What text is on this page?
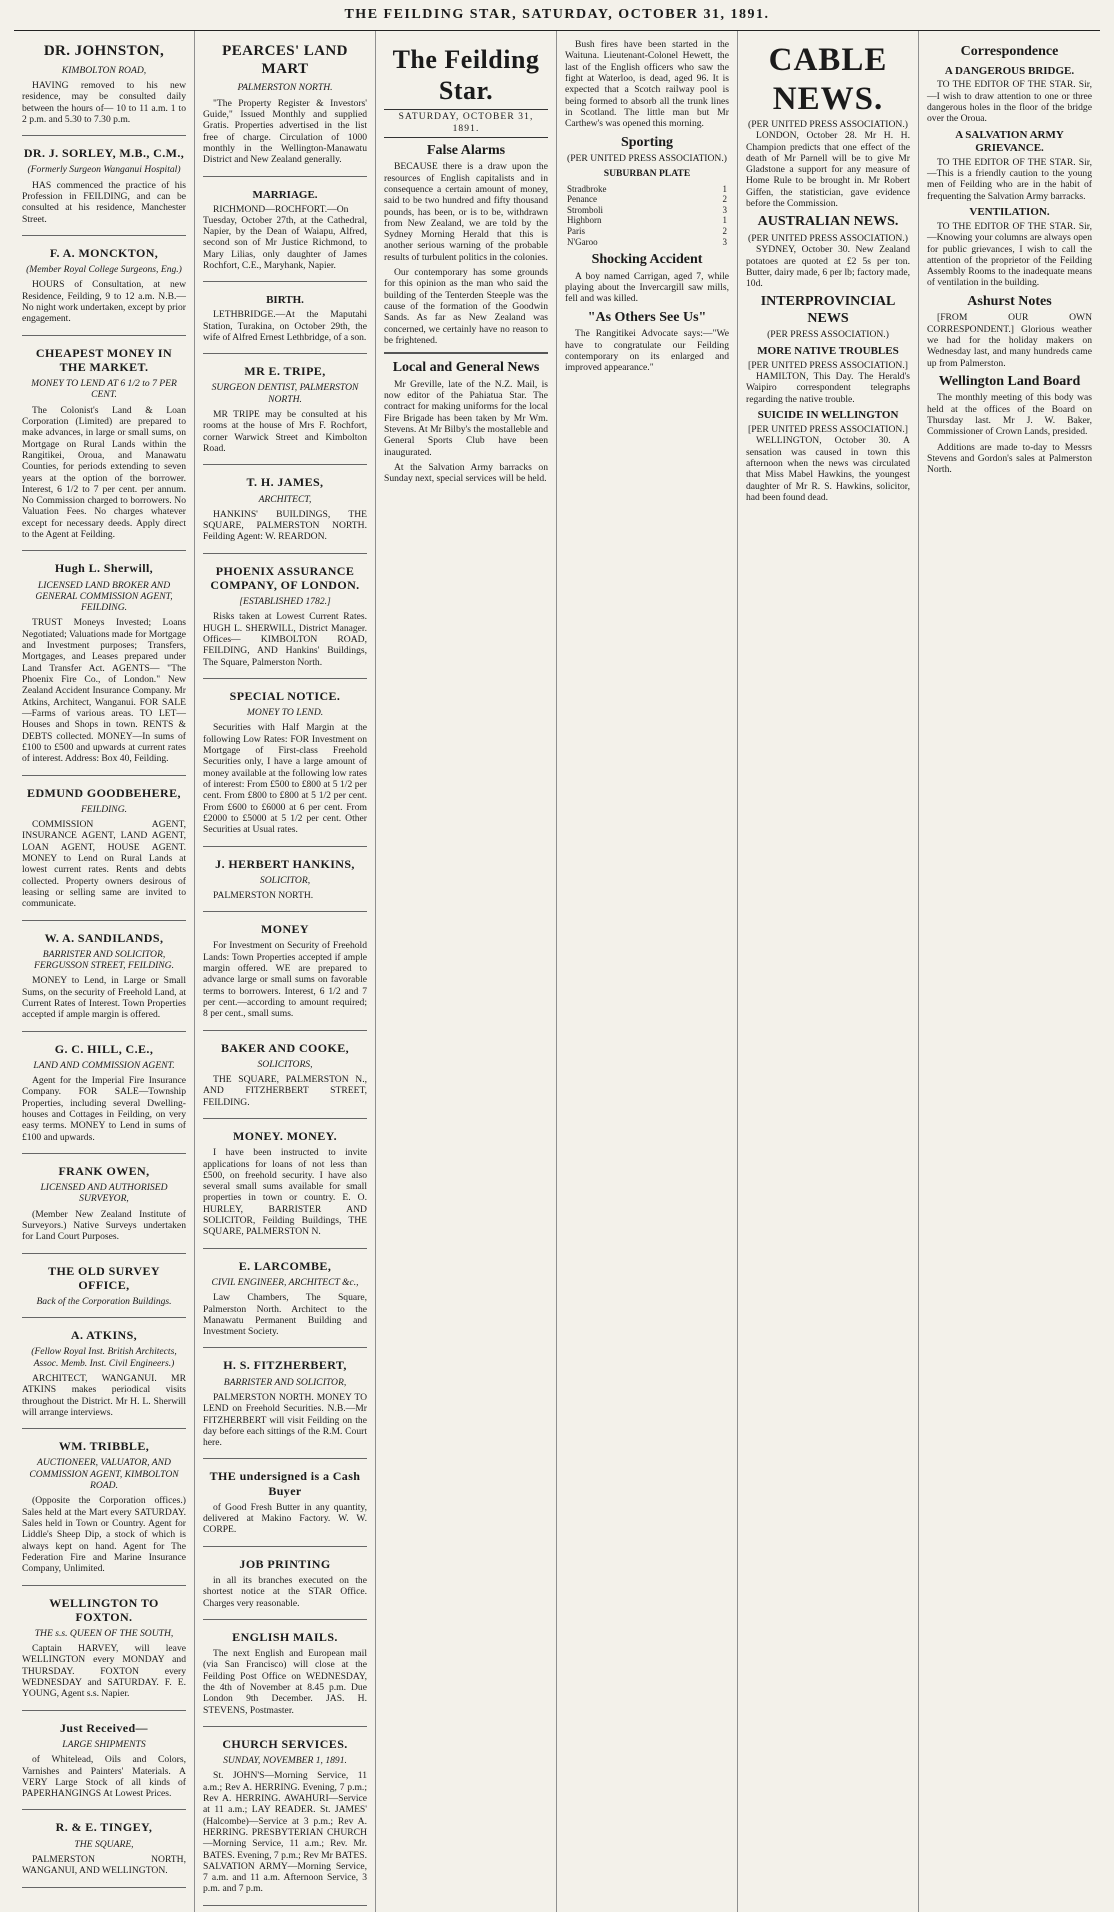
THE FEILDING STAR, SATURDAY, OCTOBER 31, 1891.
DR. JOHNSTON,
KIMBOLTON ROAD,
HAVING removed to his new residence, may be consulted daily between the hours of— 10 to 11 a.m. 1 to 2 p.m. and 5.30 to 7.30 p.m.
DR. J. SORLEY, M.B., C.M.,
(Formerly Surgeon Wanganui Hospital)
HAS commenced the practice of his Profession in FEILDING, and can be consulted at his residence, Manchester Street.
F. A. MONCKTON,
(Member Royal College Surgeons, Eng.)
HOURS of Consultation, at new Residence, Feilding, 9 to 12 a.m. N.B.—No night work undertaken, except by prior engagement.
CHEAPEST MONEY IN THE MARKET.
MONEY TO LEND AT 6 1/2 to 7 PER CENT.
The Colonist's Land & Loan Corporation (Limited) are prepared to make advances, in large or small sums, on Mortgage on Rural Lands within the Rangitikei, Oroua, and Manawatu Counties, for periods extending to seven years at the option of the borrower. Interest, 6 1/2 to 7 per cent. per annum. No Commission charged to borrowers. No Valuation Fees. No charges whatever except for necessary deeds. Apply direct to the Agent at Feilding.
Hugh L. Sherwill,
LICENSED LAND BROKER AND GENERAL COMMISSION AGENT, FEILDING.
TRUST Moneys Invested; Loans Negotiated; Valuations made for Mortgage and Investment purposes; Transfers, Mortgages, and Leases prepared under Land Transfer Act. AGENTS— "The Phoenix Fire Co., of London." New Zealand Accident Insurance Company. Mr Atkins, Architect, Wanganui. FOR SALE—Farms of various areas. TO LET—Houses and Shops in town. RENTS & DEBTS collected. MONEY—In sums of £100 to £500 and upwards at current rates of interest. Address: Box 40, Feilding.
EDMUND GOODBEHERE,
FEILDING.
COMMISSION AGENT, INSURANCE AGENT, LAND AGENT, LOAN AGENT, HOUSE AGENT. MONEY to Lend on Rural Lands at lowest current rates. Rents and debts collected. Property owners desirous of leasing or selling same are invited to communicate.
W. A. SANDILANDS,
BARRISTER AND SOLICITOR, FERGUSSON STREET, FEILDING.
MONEY to Lend, in Large or Small Sums, on the security of Freehold Land, at Current Rates of Interest. Town Properties accepted if ample margin is offered.
G. C. HILL, C.E.,
LAND AND COMMISSION AGENT.
Agent for the Imperial Fire Insurance Company. FOR SALE—Township Properties, including several Dwelling-houses and Cottages in Feilding, on very easy terms. MONEY to Lend in sums of £100 and upwards.
FRANK OWEN,
LICENSED AND AUTHORISED SURVEYOR,
(Member New Zealand Institute of Surveyors.) Native Surveys undertaken for Land Court Purposes.
THE OLD SURVEY OFFICE,
Back of the Corporation Buildings.
A. ATKINS,
(Fellow Royal Inst. British Architects, Assoc. Memb. Inst. Civil Engineers.)
ARCHITECT, WANGANUI. MR ATKINS makes periodical visits throughout the District. Mr H. L. Sherwill will arrange interviews.
WM. TRIBBLE,
AUCTIONEER, VALUATOR, AND COMMISSION AGENT, KIMBOLTON ROAD.
(Opposite the Corporation offices.) Sales held at the Mart every SATURDAY. Sales held in Town or Country. Agent for Liddle's Sheep Dip, a stock of which is always kept on hand. Agent for The Federation Fire and Marine Insurance Company, Unlimited.
WELLINGTON TO FOXTON.
THE s.s. QUEEN OF THE SOUTH,
Captain HARVEY, will leave WELLINGTON every MONDAY and THURSDAY. FOXTON every WEDNESDAY and SATURDAY. F. E. YOUNG, Agent s.s. Napier.
Just Received—
LARGE SHIPMENTS
of Whitelead, Oils and Colors, Varnishes and Painters' Materials. A VERY Large Stock of all kinds of PAPERHANGINGS At Lowest Prices.
R. & E. TINGEY,
THE SQUARE,
PALMERSTON NORTH, WANGANUI, AND WELLINGTON.
PEARCES' LAND MART
PALMERSTON NORTH.
"The Property Register & Investors' Guide," Issued Monthly and supplied Gratis. Properties advertised in the list free of charge. Circulation of 1000 monthly in the Wellington-Manawatu District and New Zealand generally.
MARRIAGE.
RICHMOND—ROCHFORT.—On Tuesday, October 27th, at the Cathedral, Napier, by the Dean of Waiapu, Alfred, second son of Mr Justice Richmond, to Mary Lilias, only daughter of James Rochfort, C.E., Maryhank, Napier.
BIRTH.
LETHBRIDGE.—At the Maputahi Station, Turakina, on October 29th, the wife of Alfred Ernest Lethbridge, of a son.
MR E. TRIPE,
SURGEON DENTIST, PALMERSTON NORTH.
MR TRIPE may be consulted at his rooms at the house of Mrs F. Rochfort, corner Warwick Street and Kimbolton Road.
T. H. JAMES,
ARCHITECT,
HANKINS' BUILDINGS, THE SQUARE, PALMERSTON NORTH. Feilding Agent: W. REARDON.
PHOENIX ASSURANCE COMPANY, OF LONDON.
[ESTABLISHED 1782.]
Risks taken at Lowest Current Rates. HUGH L. SHERWILL, District Manager. Offices— KIMBOLTON ROAD, FEILDING, AND Hankins' Buildings, The Square, Palmerston North.
SPECIAL NOTICE.
MONEY TO LEND.
Securities with Half Margin at the following Low Rates: FOR Investment on Mortgage of First-class Freehold Securities only, I have a large amount of money available at the following low rates of interest: From £500 to £800 at 5 1/2 per cent. From £800 to £800 at 5 1/2 per cent. From £600 to £6000 at 6 per cent. From £2000 to £5000 at 5 1/2 per cent. Other Securities at Usual rates.
J. HERBERT HANKINS,
SOLICITOR,
PALMERSTON NORTH.
MONEY
For Investment on Security of Freehold Lands: Town Properties accepted if ample margin offered. WE are prepared to advance large or small sums on favorable terms to borrowers. Interest, 6 1/2 and 7 per cent.—according to amount required; 8 per cent., small sums.
BAKER AND COOKE,
SOLICITORS,
THE SQUARE, PALMERSTON N., AND FITZHERBERT STREET, FEILDING.
MONEY. MONEY.
I have been instructed to invite applications for loans of not less than £500, on freehold security. I have also several small sums available for small properties in town or country. E. O. HURLEY, BARRISTER AND SOLICITOR, Feilding Buildings, THE SQUARE, PALMERSTON N.
E. LARCOMBE,
CIVIL ENGINEER, ARCHITECT &c.,
Law Chambers, The Square, Palmerston North. Architect to the Manawatu Permanent Building and Investment Society.
H. S. FITZHERBERT,
BARRISTER AND SOLICITOR,
PALMERSTON NORTH. MONEY TO LEND on Freehold Securities. N.B.—Mr FITZHERBERT will visit Feilding on the day before each sittings of the R.M. Court here.
THE undersigned is a Cash Buyer
of Good Fresh Butter in any quantity, delivered at Makino Factory. W. W. CORPE.
JOB PRINTING
in all its branches executed on the shortest notice at the STAR Office. Charges very reasonable.
ENGLISH MAILS.
The next English and European mail (via San Francisco) will close at the Feilding Post Office on WEDNESDAY, the 4th of November at 8.45 p.m. Due London 9th December. JAS. H. STEVENS, Postmaster.
CHURCH SERVICES.
SUNDAY, NOVEMBER 1, 1891.
St. JOHN'S—Morning Service, 11 a.m.; Rev A. HERRING. Evening, 7 p.m.; Rev A. HERRING. AWAHURI—Service at 11 a.m.; LAY READER. St. JAMES' (Halcombe)—Service at 3 p.m.; Rev A. HERRING. PRESBYTERIAN CHURCH—Morning Service, 11 a.m.; Rev. Mr. BATES. Evening, 7 p.m.; Rev Mr BATES. SALVATION ARMY—Morning Service, 7 a.m. and 11 a.m. Afternoon Service, 3 p.m. and 7 p.m.
The Feilding Star.
SATURDAY, OCTOBER 31, 1891.
False Alarms

BECAUSE there is a draw upon the resources of English capitalists and in consequence a certain amount of money, said to be two hundred and fifty thousand pounds, has been, or is to be, withdrawn from New Zealand, we are told by the Sydney Morning Herald that this is another serious warning of the probable results of turbulent politics in the colonies.

Our contemporary has some grounds for this opinion as the man who said the building of the Tenterden Steeple was the cause of the formation of the Goodwin Sands. As far as New Zealand was concerned, we certainly have no reason to be frightened.

Local and General News

Mr Greville, late of the N.Z. Mail, is now editor of the Pahiatua Star. The contract for making uniforms for the local Fire Brigade has been taken by Mr Wm. Stevens. At Mr Bilby's the mostalleble and General Sports Club have been inaugurated.

At the Salvation Army barracks on Sunday next, special services will be held.

Bush fires have been started in the Waituna. Lieutenant-Colonel Hewett, the last of the English officers who saw the fight at Waterloo, is dead, aged 96. It is expected that a Scotch railway pool is being formed to absorb all the trunk lines in Scotland. The little man but Mr Carthew's was opened this morning.

Sporting
(PER UNITED PRESS ASSOCIATION.)
SUBURBAN PLATE
Stradbroke	1
Penance	2
Stromboli	3
Highborn	1
Paris	2
N'Garoo	3
Shocking Accident

A boy named Carrigan, aged 7, while playing about the Invercargill saw mills, fell and was killed.

"As Others See Us"

The Rangitikei Advocate says:—"We have to congratulate our Feilding contemporary on its enlarged and improved appearance."

CABLE NEWS.
(PER UNITED PRESS ASSOCIATION.)

LONDON, October 28. Mr H. H. Champion predicts that one effect of the death of Mr Parnell will be to give Mr Gladstone a support for any measure of Home Rule to be brought in. Mr Robert Giffen, the statistician, gave evidence before the Commission.

AUSTRALIAN NEWS.
(PER UNITED PRESS ASSOCIATION.)

SYDNEY, October 30. New Zealand potatoes are quoted at £2 5s per ton. Butter, dairy made, 6 per lb; factory made, 10d.

INTERPROVINCIAL NEWS
(PER PRESS ASSOCIATION.)
MORE NATIVE TROUBLES
[PER UNITED PRESS ASSOCIATION.]

HAMILTON, This Day. The Herald's Waipiro correspondent telegraphs regarding the native trouble.

SUICIDE IN WELLINGTON
[PER UNITED PRESS ASSOCIATION.]

WELLINGTON, October 30. A sensation was caused in town this afternoon when the news was circulated that Miss Mabel Hawkins, the youngest daughter of Mr R. S. Hawkins, solicitor, had been found dead.

Correspondence
A DANGEROUS BRIDGE.

TO THE EDITOR OF THE STAR. Sir,—I wish to draw attention to one or three dangerous holes in the floor of the bridge over the Oroua.

A SALVATION ARMY GRIEVANCE.

TO THE EDITOR OF THE STAR. Sir,—This is a friendly caution to the young men of Feilding who are in the habit of frequenting the Salvation Army barracks.

VENTILATION.

TO THE EDITOR OF THE STAR. Sir,—Knowing your columns are always open for public grievances, I wish to call the attention of the proprietor of the Feilding Assembly Rooms to the inadequate means of ventilation in the building.

Ashurst Notes

[FROM OUR OWN CORRESPONDENT.] Glorious weather we had for the holiday makers on Wednesday last, and many hundreds came up from Palmerston.

Wellington Land Board

The monthly meeting of this body was held at the offices of the Board on Thursday last. Mr J. W. Baker, Commissioner of Crown Lands, presided.

Additions are made to-day to Messrs Stevens and Gordon's sales at Palmerston North.
